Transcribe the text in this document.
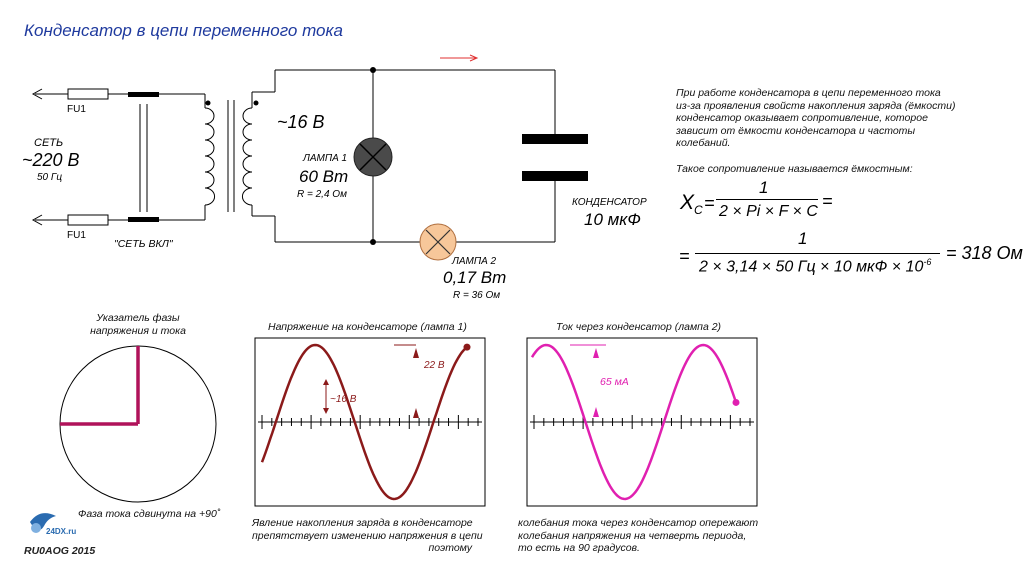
Конденсатор в цепи переменного тока
FU1
FU1
СЕТЬ
~220 В
50 Гц
"СЕТЬ ВКЛ"
~16 В
ЛАМПА 1
60 Вт
R = 2,4 Ом
ЛАМПА 2
0,17 Вт
R = 36 Ом
КОНДЕНСАТОР
10 мкФ
При работе конденсатора в цепи переменного тока
из-за проявления свойств накопления заряда (ёмкости)
конденсатор оказывает сопротивление, которое
зависит от ёмкости конденсатора и частоты
колебаний.
Такое сопротивление называется ёмкостным:
$X_C$ =
1
2 × Pi × F × C
=
=
1
2 × 3,14 × 50 Гц × 10 мкФ × $10^{-6} = 318$ Ом
Указатель фазы
напряжения и тока
Фаза тока сдвинута на +90˚
Напряжение на конденсаторе (лампа 1)
22 В
~16 В
Явление накопления заряда в конденсаторе
препятствует изменению напряжения в цепи
поэтому
Ток через конденсатор (лампа 2)
65 мА
колебания тока через конденсатор опережают
колебания напряжения на четверть периода,
то есть на 90 градусов.
24DX.ru
RU0AOG 2015
